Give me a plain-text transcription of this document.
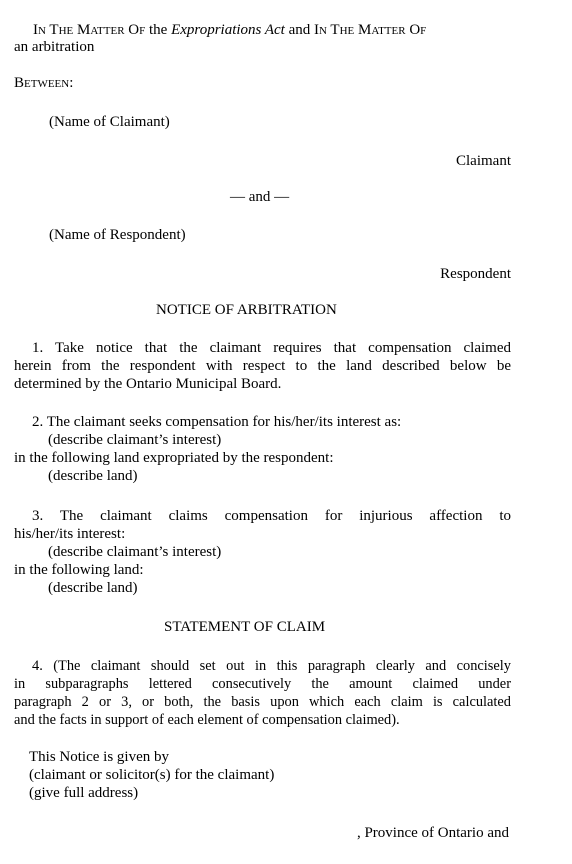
In The Matter Of the Expropriations Act and In The Matter Of
an arbitration
Between:
(Name of Claimant)
Claimant
— and —
(Name of Respondent)
Respondent
NOTICE OF ARBITRATION
1. Take notice that the claimant requires that compensation claimed
herein from the respondent with respect to the land described below be
determined by the Ontario Municipal Board.
2. The claimant seeks compensation for his/her/its interest as:
(describe claimant’s interest)
in the following land expropriated by the respondent:
(describe land)
3. The claimant claims compensation for injurious affection to
his/her/its interest:
(describe claimant’s interest)
in the following land:
(describe land)
STATEMENT OF CLAIM
4. (The claimant should set out in this paragraph clearly and concisely
in subparagraphs lettered consecutively the amount claimed under
paragraph 2 or 3, or both, the basis upon which each claim is calculated
and the facts in support of each element of compensation claimed).
This Notice is given by
(claimant or solicitor(s) for the claimant)
(give full address)
, Province of Ontario and
